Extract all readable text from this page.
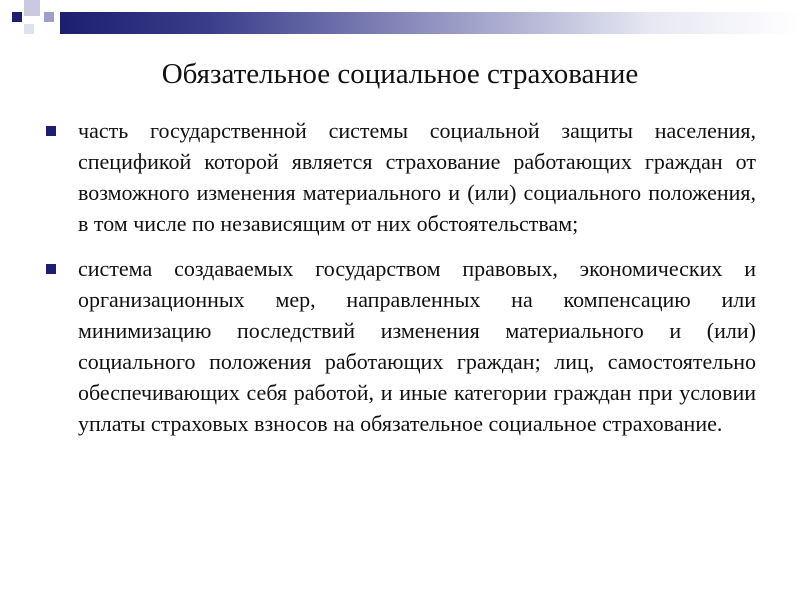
Обязательное социальное страхование
часть государственной системы социальной защиты населения, спецификой которой является страхование работающих граждан от возможного изменения материального и (или) социального положения, в том числе по независящим от них обстоятельствам;
система создаваемых государством правовых, экономических и организационных мер, направленных на компенсацию или минимизацию последствий изменения материального и (или) социального положения работающих граждан; лиц, самостоятельно обеспечивающих себя работой, и иные категории граждан при условии уплаты страховых взносов на обязательное социальное страхование.
